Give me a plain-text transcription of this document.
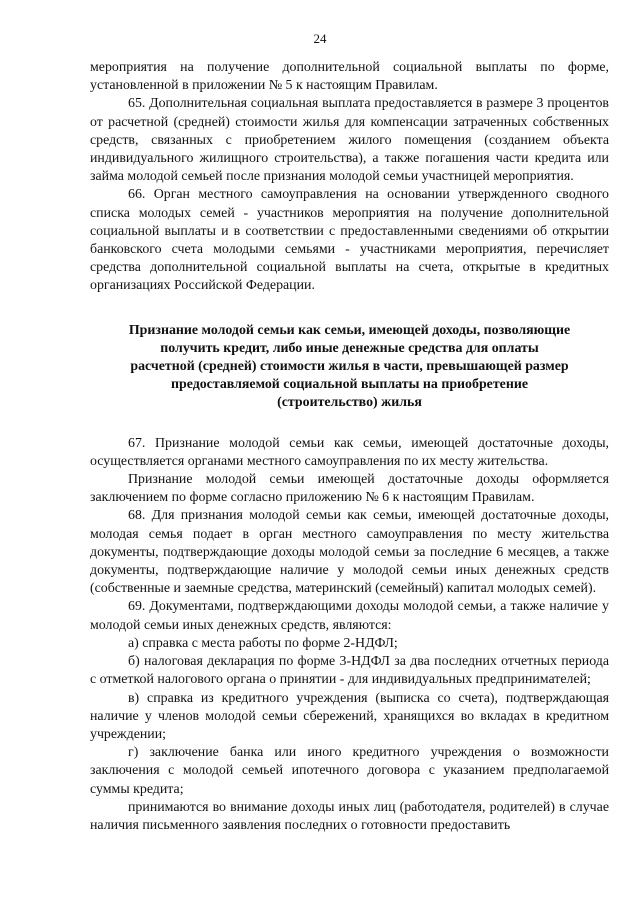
24

мероприятия на получение дополнительной социальной выплаты по форме, установленной в приложении № 5 к настоящим Правилам.

65. Дополнительная социальная выплата предоставляется в размере 3 процентов от расчетной (средней) стоимости жилья для компенсации затраченных собственных средств, связанных с приобретением жилого помещения (созданием объекта индивидуального жилищного строительства), а также погашения части кредита или займа молодой семьей после признания молодой семьи участницей мероприятия.

66. Орган местного самоуправления на основании утвержденного сводного списка молодых семей - участников мероприятия на получение дополнительной социальной выплаты и в соответствии с предоставленными сведениями об открытии банковского счета молодыми семьями - участниками мероприятия, перечисляет средства дополнительной социальной выплаты на счета, открытые в кредитных организациях Российской Федерации.

Признание молодой семьи как семьи, имеющей доходы, позволяющие получить кредит, либо иные денежные средства для оплаты расчетной (средней) стоимости жилья в части, превышающей размер предоставляемой социальной выплаты на приобретение (строительство) жилья

67. Признание молодой семьи как семьи, имеющей достаточные доходы, осуществляется органами местного самоуправления по их месту жительства.

Признание молодой семьи имеющей достаточные доходы оформляется заключением по форме согласно приложению № 6 к настоящим Правилам.

68. Для признания молодой семьи как семьи, имеющей достаточные доходы, молодая семья подает в орган местного самоуправления по месту жительства документы, подтверждающие доходы молодой семьи за последние 6 месяцев, а также документы, подтверждающие наличие у молодой семьи иных денежных средств (собственные и заемные средства, материнский (семейный) капитал молодых семей).

69. Документами, подтверждающими доходы молодой семьи, а также наличие у молодой семьи иных денежных средств, являются:

а) справка с места работы по форме 2-НДФЛ;

б) налоговая декларация по форме 3-НДФЛ за два последних отчетных периода с отметкой налогового органа о принятии - для индивидуальных предпринимателей;

в) справка из кредитного учреждения (выписка со счета), подтверждающая наличие у членов молодой семьи сбережений, хранящихся во вкладах в кредитном учреждении;

г) заключение банка или иного кредитного учреждения о возможности заключения с молодой семьей ипотечного договора с указанием предполагаемой суммы кредита;

принимаются во внимание доходы иных лиц (работодателя, родителей) в случае наличия письменного заявления последних о готовности предоставить
